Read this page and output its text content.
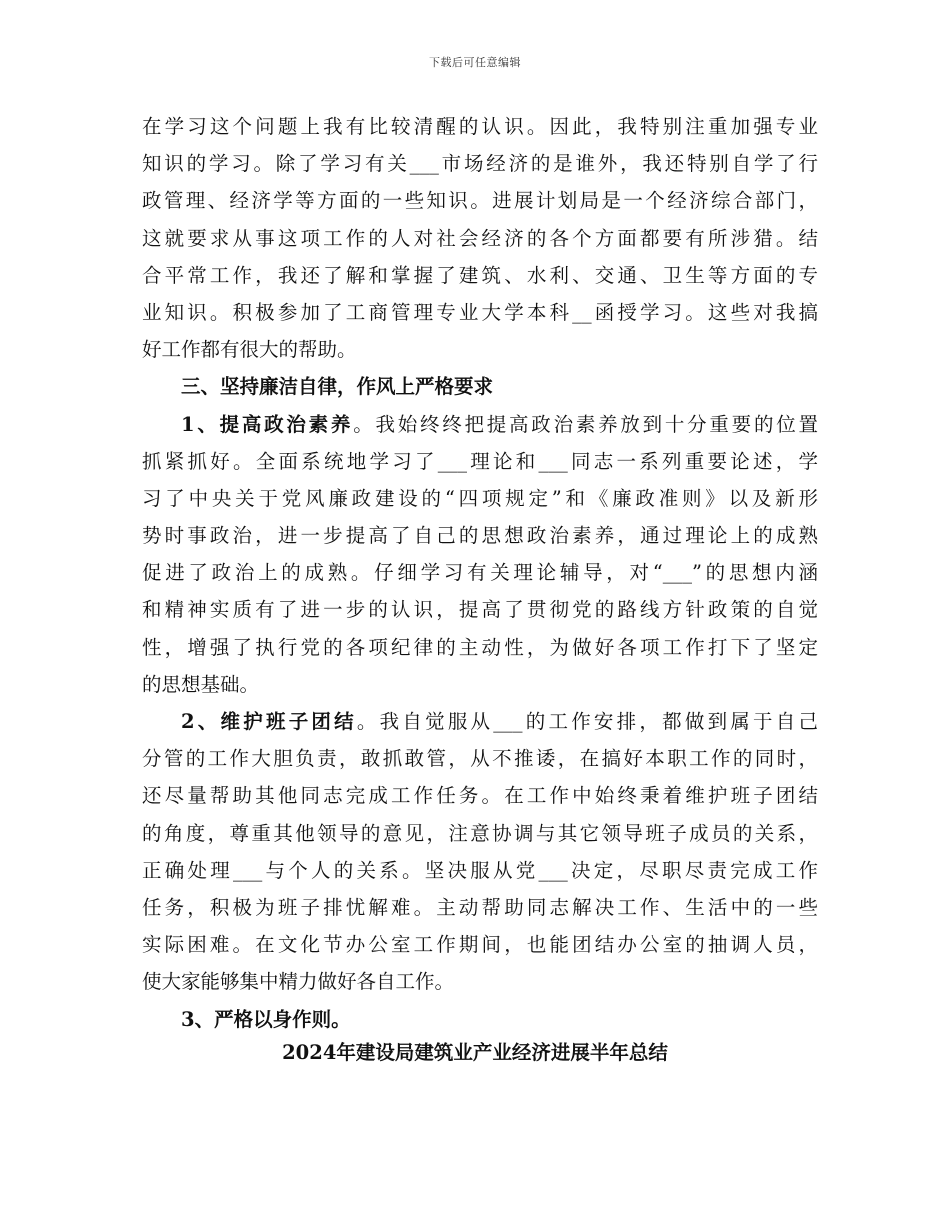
下载后可任意编辑
在学习这个问题上我有比较清醒的认识。因此，我特别注重加强专业
知识的学习。除了学习有关___市场经济的是谁外，我还特别自学了行
政管理、经济学等方面的一些知识。进展计划局是一个经济综合部门，
这就要求从事这项工作的人对社会经济的各个方面都要有所涉猎。结
合平常工作，我还了解和掌握了建筑、水利、交通、卫生等方面的专
业知识。积极参加了工商管理专业大学本科__函授学习。这些对我搞
好工作都有很大的帮助。
三、坚持廉洁自律，作风上严格要求
1、提高政治素养。我始终终把提高政治素养放到十分重要的位置
抓紧抓好。全面系统地学习了___理论和___同志一系列重要论述，学
习了中央关于党风廉政建设的“四项规定”和《廉政准则》以及新形
势时事政治，进一步提高了自己的思想政治素养，通过理论上的成熟
促进了政治上的成熟。仔细学习有关理论辅导，对“___”的思想内涵
和精神实质有了进一步的认识，提高了贯彻党的路线方针政策的自觉
性，增强了执行党的各项纪律的主动性，为做好各项工作打下了坚定
的思想基础。
2、维护班子团结。我自觉服从___的工作安排，都做到属于自己
分管的工作大胆负责，敢抓敢管，从不推诿，在搞好本职工作的同时，
还尽量帮助其他同志完成工作任务。在工作中始终秉着维护班子团结
的角度，尊重其他领导的意见，注意协调与其它领导班子成员的关系，
正确处理___与个人的关系。坚决服从党___决定，尽职尽责完成工作
任务，积极为班子排忧解难。主动帮助同志解决工作、生活中的一些
实际困难。在文化节办公室工作期间，也能团结办公室的抽调人员，
使大家能够集中精力做好各自工作。
3、严格以身作则。
2024年建设局建筑业产业经济进展半年总结
